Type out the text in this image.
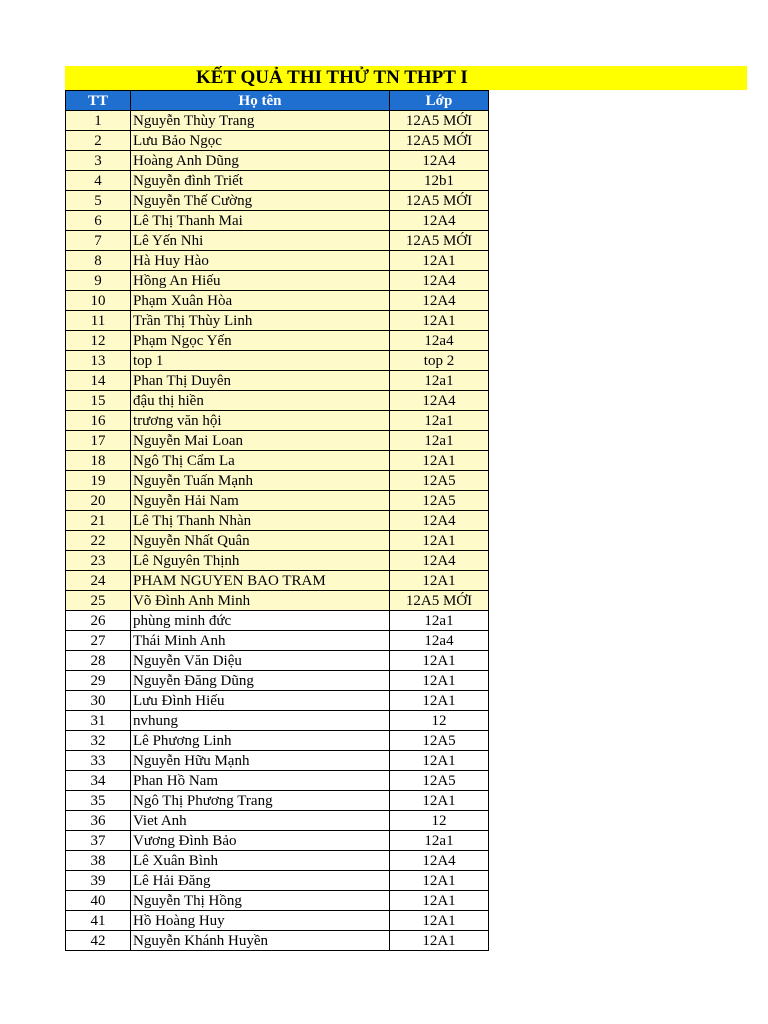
KẾT QUẢ THI THỬ TN THPT I
TT	Họ tên	Lớp
1	Nguyễn Thùy Trang	12A5 MỚI
2	Lưu Bảo Ngọc	12A5 MỚI
3	Hoàng Anh Dũng	12A4
4	Nguyễn đình Triết	12b1
5	Nguyễn Thế Cường	12A5 MỚI
6	Lê Thị Thanh Mai	12A4
7	Lê Yến Nhi	12A5 MỚI
8	Hà Huy Hào	12A1
9	Hồng An Hiếu	12A4
10	Phạm Xuân Hòa	12A4
11	Trần Thị Thùy Linh	12A1
12	Phạm Ngọc Yến	12a4
13	top 1	top 2
14	Phan Thị Duyên	12a1
15	đậu thị hiền	12A4
16	trương văn hội	12a1
17	Nguyễn Mai Loan	12a1
18	Ngô Thị Cẩm La	12A1
19	Nguyễn Tuấn Mạnh	12A5
20	Nguyễn Hải Nam	12A5
21	Lê Thị Thanh Nhàn	12A4
22	Nguyễn Nhất Quân	12A1
23	Lê Nguyên Thịnh	12A4
24	PHAM NGUYEN BAO TRAM	12A1
25	Võ Đình Anh Minh	12A5 MỚI
26	phùng minh đức	12a1
27	Thái Minh Anh	12a4
28	Nguyễn Văn Diệu	12A1
29	Nguyễn Đăng Dũng	12A1
30	Lưu Đình Hiếu	12A1
31	nvhung	12
32	Lê Phương Linh	12A5
33	Nguyễn Hữu Mạnh	12A1
34	Phan Hồ Nam	12A5
35	Ngô Thị Phương Trang	12A1
36	Viet Anh	12
37	Vương Đình Bảo	12a1
38	Lê Xuân Bình	12A4
39	Lê Hải Đăng	12A1
40	Nguyễn Thị Hồng	12A1
41	Hồ Hoàng Huy	12A1
42	Nguyễn Khánh Huyền	12A1
